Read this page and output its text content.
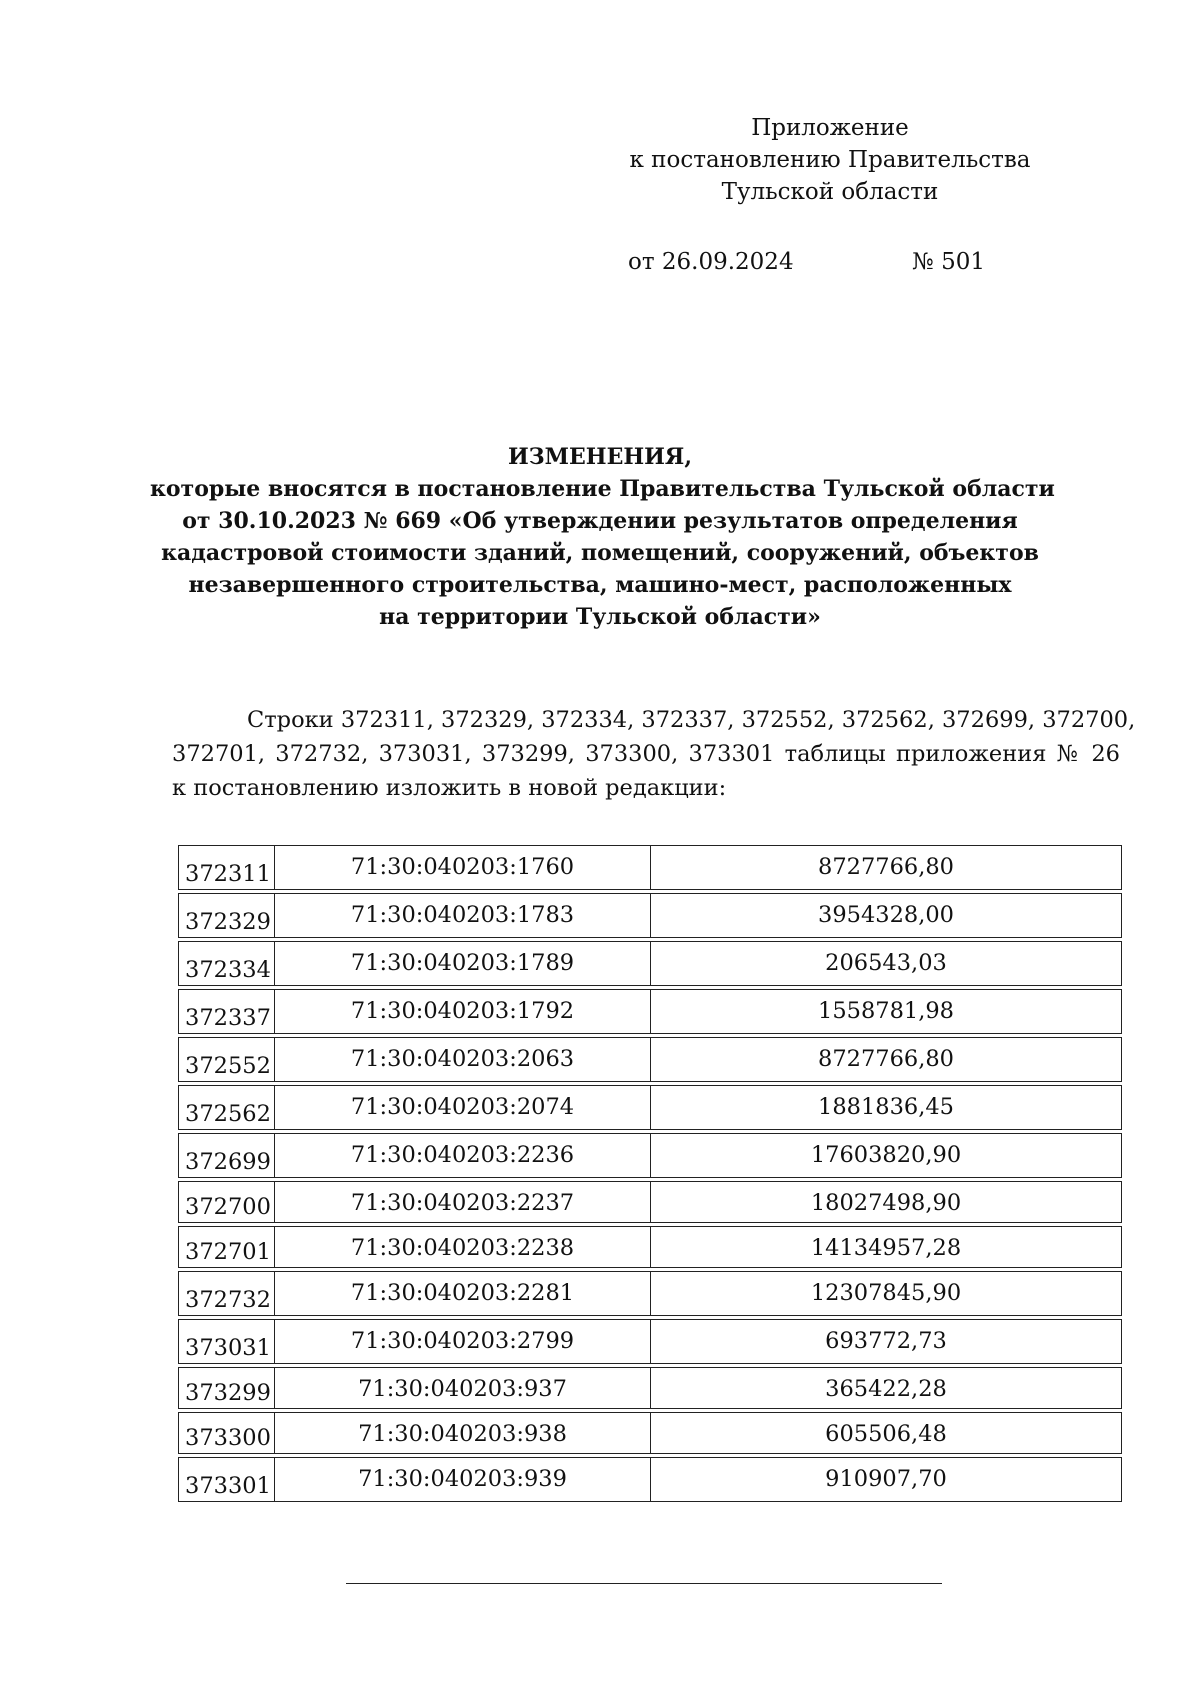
Приложение
к постановлению Правительства
Тульской области
от 26.09.2024	№ 501
ИЗМЕНЕНИЯ,
которые вносятся в постановление Правительства Тульской области
от 30.10.2023 № 669 «Об утверждении результатов определения
кадастровой стоимости зданий, помещений, сооружений, объектов
незавершенного строительства, машино-мест, расположенных
на территории Тульской области»
Строки 372311, 372329, 372334, 372337, 372552, 372562, 372699, 372700,
372701, 372732, 373031, 373299, 373300, 373301 таблицы приложения № 26
к постановлению изложить в новой редакции:
372311	71:30:040203:1760	8727766,80
372329	71:30:040203:1783	3954328,00
372334	71:30:040203:1789	206543,03
372337	71:30:040203:1792	1558781,98
372552	71:30:040203:2063	8727766,80
372562	71:30:040203:2074	1881836,45
372699	71:30:040203:2236	17603820,90
372700	71:30:040203:2237	18027498,90
372701	71:30:040203:2238	14134957,28
372732	71:30:040203:2281	12307845,90
373031	71:30:040203:2799	693772,73
373299	71:30:040203:937	365422,28
373300	71:30:040203:938	605506,48
373301	71:30:040203:939	910907,70
